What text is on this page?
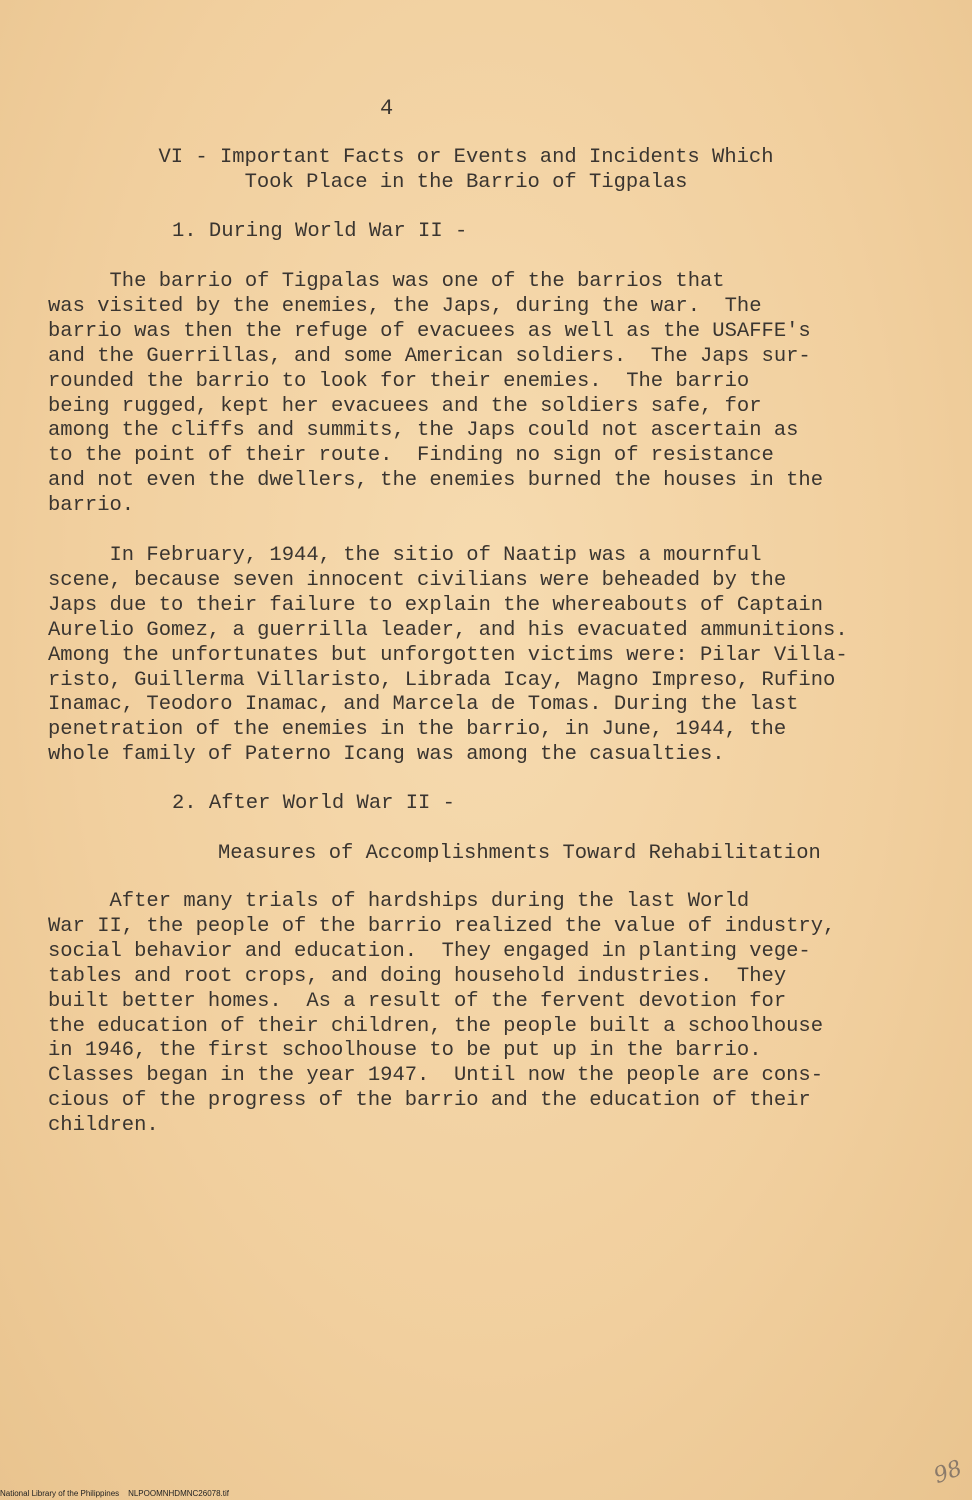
4
VI - Important Facts or Events and Incidents Which
Took Place in the Barrio of Tigpalas
1. During World War II -
The barrio of Tigpalas was one of the barrios that
was visited by the enemies, the Japs, during the war.  The
barrio was then the refuge of evacuees as well as the USAFFE's
and the Guerrillas, and some American soldiers.  The Japs sur-
rounded the barrio to look for their enemies.  The barrio
being rugged, kept her evacuees and the soldiers safe, for
among the cliffs and summits, the Japs could not ascertain as
to the point of their route.  Finding no sign of resistance
and not even the dwellers, the enemies burned the houses in the
barrio.
In February, 1944, the sitio of Naatip was a mournful
scene, because seven innocent civilians were beheaded by the
Japs due to their failure to explain the whereabouts of Captain
Aurelio Gomez, a guerrilla leader, and his evacuated ammunitions.
Among the unfortunates but unforgotten victims were: Pilar Villa-
risto, Guillerma Villaristo, Librada Icay, Magno Impreso, Rufino
Inamac, Teodoro Inamac, and Marcela de Tomas. During the last
penetration of the enemies in the barrio, in June, 1944, the
whole family of Paterno Icang was among the casualties.
2. After World War II -
Measures of Accomplishments Toward Rehabilitation
After many trials of hardships during the last World
War II, the people of the barrio realized the value of industry,
social behavior and education.  They engaged in planting vege-
tables and root crops, and doing household industries.  They
built better homes.  As a result of the fervent devotion for
the education of their children, the people built a schoolhouse
in 1946, the first schoolhouse to be put up in the barrio.
Classes began in the year 1947.  Until now the people are cons-
cious of the progress of the barrio and the education of their
children.
National Library of the Philippines NLPOOMNHDMNC26078.tif
98
